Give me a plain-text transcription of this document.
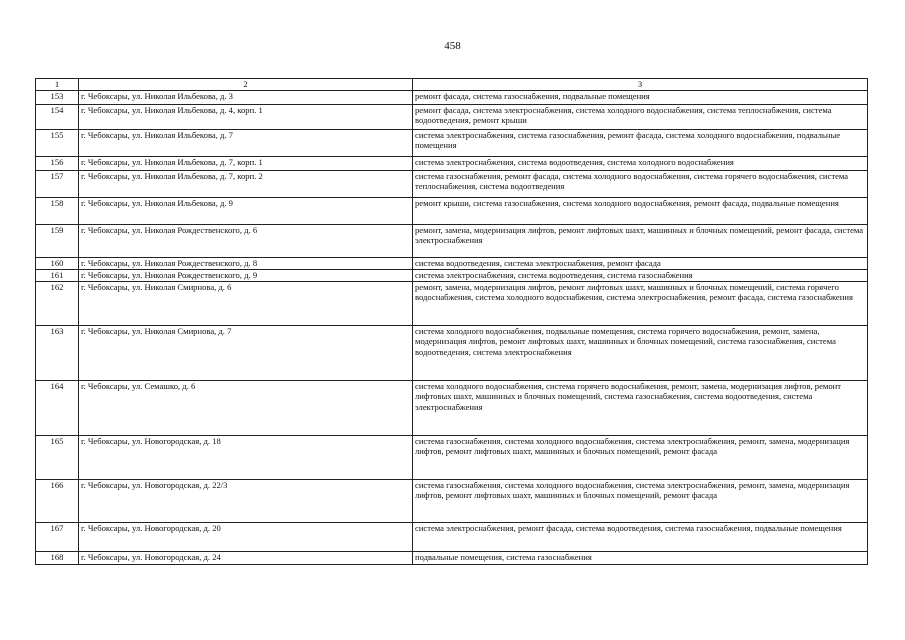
458
1	2	3
153	г. Чебоксары, ул. Николая Ильбекова, д. 3	ремонт фасада, система газоснабжения, подвальные помещения
154	г. Чебоксары, ул. Николая Ильбекова, д. 4, корп. 1	ремонт фасада, система электроснабжения, система холодного водоснабжения, система теплоснабжения, система водоотведения, ремонт крыши
155	г. Чебоксары, ул. Николая Ильбекова, д. 7	система электроснабжения, система газоснабжения, ремонт фасада, система холодного водоснабжения, подвальные помещения
156	г. Чебоксары, ул. Николая Ильбекова, д. 7, корп. 1	система электроснабжения, система водоотведения, система холодного водоснабжения
157	г. Чебоксары, ул. Николая Ильбекова, д. 7, корп. 2	система газоснабжения, ремонт фасада, система холодного водоснабжения, система горячего водоснабжения, система теплоснабжения, система водоотведения
158	г. Чебоксары, ул. Николая Ильбекова, д. 9	ремонт крыши, система газоснабжения, система холодного водоснабжения, ремонт фасада, подвальные помещения
159	г. Чебоксары, ул. Николая Рождественского, д. 6	ремонт, замена, модернизация лифтов, ремонт лифтовых шахт, машинных и блочных помещений, ремонт фасада, система электроснабжения
160	г. Чебоксары, ул. Николая Рождественского, д. 8	система водоотведения, система электроснабжения, ремонт фасада
161	г. Чебоксары, ул. Николая Рождественского, д. 9	система электроснабжения, система водоотведения, система газоснабжения
162	г. Чебоксары, ул. Николая Смирнова, д. 6	ремонт, замена, модернизация лифтов, ремонт лифтовых шахт, машинных и блочных помещений, система горячего водоснабжения, система холодного водоснабжения, система электроснабжения, ремонт фасада, система газоснабжения
163	г. Чебоксары, ул. Николая Смирнова, д. 7	система холодного водоснабжения, подвальные помещения, система горячего водоснабжения, ремонт, замена, модернизация лифтов, ремонт лифтовых шахт, машинных и блочных помещений, система газоснабжения, система водоотведения, система электроснабжения
164	г. Чебоксары, ул. Семашко, д. 6	система холодного водоснабжения, система горячего водоснабжения, ремонт, замена, модернизация лифтов, ремонт лифтовых шахт, машинных и блочных помещений, система газоснабжения, система водоотведения, система электроснабжения
165	г. Чебоксары, ул. Новогородская, д. 18	система газоснабжения, система холодного водоснабжения, система электроснабжения, ремонт, замена, модернизация лифтов, ремонт лифтовых шахт, машинных и блочных помещений, ремонт фасада
166	г. Чебоксары, ул. Новогородская, д. 22/3	система газоснабжения, система холодного водоснабжения, система электроснабжения, ремонт, замена, модернизация лифтов, ремонт лифтовых шахт, машинных и блочных помещений, ремонт фасада
167	г. Чебоксары, ул. Новогородская, д. 20	система электроснабжения, ремонт фасада, система водоотведения, система газоснабжения, подвальные помещения
168	г. Чебоксары, ул. Новогородская, д. 24	подвальные помещения, система газоснабжения
